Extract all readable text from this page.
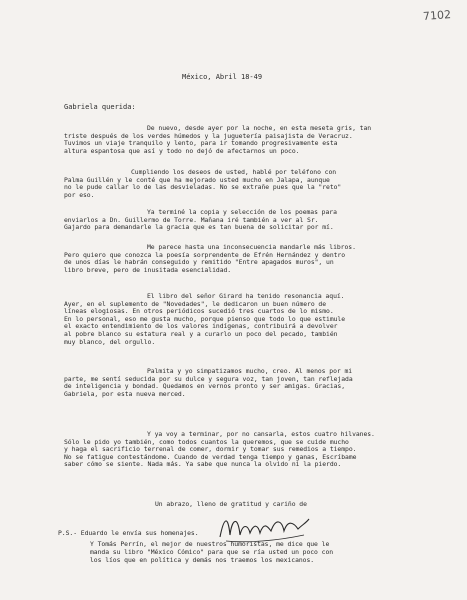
7102
México, Abril 18-49
Gabriela querida:
De nuevo, desde ayer por la noche, en esta meseta gris, tan
triste después de los verdes húmedos y la juguetería paisajista de Veracruz.
Tuvimos un viaje tranquilo y lento, para ir tomando progresivamente esta
altura espantosa que así y todo no dejó de afectarnos un poco.
Cumpliendo los deseos de usted, hablé por teléfono con
Palma Guillén y le conté que ha mejorado usted mucho en Jalapa, aunque
no le pude callar lo de las desvieladas. No se extrañe pues que la "reto"
por eso.
Ya terminé la copia y selección de los poemas para
enviarlos a Dn. Guillermo de Torre. Mañana iré también a ver al Sr.
Gajardo para demandarle la gracia que es tan buena de solicitar por mí.
Me parece hasta una inconsecuencia mandarle más libros.
Pero quiero que conozca la poesía sorprendente de Efrén Hernández y dentro
de unos días le habrán conseguido y remitido "Entre apagados muros", un
libro breve, pero de inusitada esencialidad.
El libro del señor Girard ha tenido resonancia aquí.
Ayer, en el suplemento de "Novedades", le dedicaron un buen número de
líneas elogiosas. En otros periódicos sucedió tres cuartos de lo mismo.
En lo personal, eso me gusta mucho, porque pienso que todo lo que estimule
el exacto entendimiento de los valores indígenas, contribuirá a devolver
al pobre blanco su estatura real y a curarlo un poco del pecado, también
muy blanco, del orgullo.
Palmita y yo simpatizamos mucho, creo. Al menos por mi
parte, me sentí seducida por su dulce y segura voz, tan joven, tan reflejada
de inteligencia y bondad. Quedamos en vernos pronto y ser amigas. Gracias,
Gabriela, por esta nueva merced.
Y ya voy a terminar, por no cansarla, estos cuatro hilvanes.
Sólo le pido yo también, como todos cuantos la queremos, que se cuide mucho
y haga el sacrificio terrenal de comer, dormir y tomar sus remedios a tiempo.
No se fatigue contestándome. Cuando de verdad tenga tiempo y ganas, Escríbame
saber cómo se siente. Nada más. Ya sabe que nunca la olvido ni la pierdo.
Un abrazo, lleno de gratitud y cariño de
P.S.- Eduardo le envía sus homenajes.
Y Tomás Perrín, el mejor de nuestros humoristas, me dice que le
manda su libro "México Cómico" para que se ría usted un poco con
los líos que en política y demás nos traemos los mexicanos.
